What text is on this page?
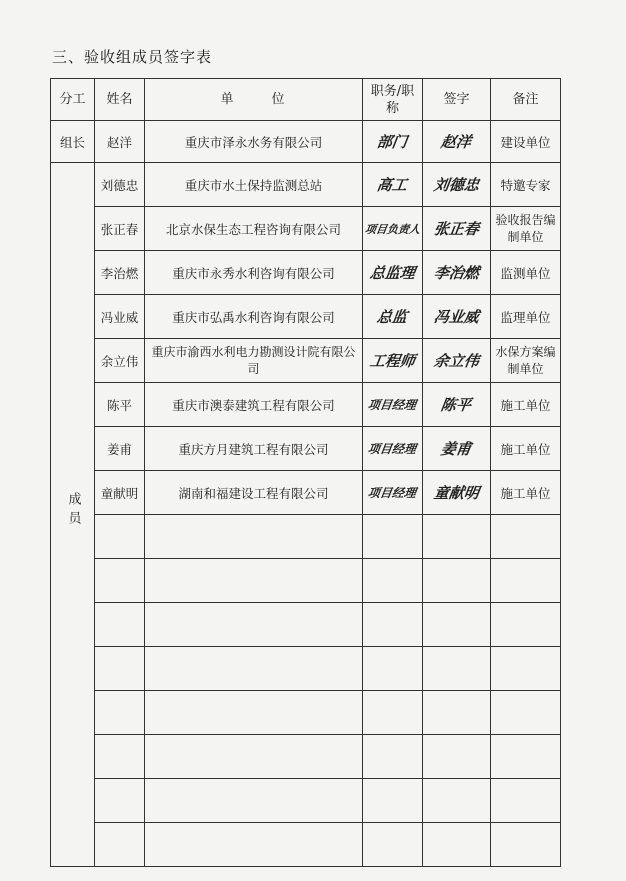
三、验收组成员签字表
分工	姓名	单位	职务/职称	签字	备注
组长	赵洋	重庆市泽永水务有限公司	部门	赵洋	建设单位
成员	刘德忠	重庆市水土保持监测总站	高工	刘德忠	特邀专家
	张正春	北京水保生态工程咨询有限公司	项目负责人	张正春	验收报告编制单位
	李治燃	重庆市永秀水利咨询有限公司	总监理	李治燃	监测单位
	冯业威	重庆市弘禹水利咨询有限公司	总监	冯业威	监理单位
	余立伟	重庆市渝西水利电力勘测设计院有限公司	工程师	余立伟	水保方案编制单位
	陈平	重庆市澳泰建筑工程有限公司	项目经理	陈平	施工单位
	姜甫	重庆方月建筑工程有限公司	项目经理	姜甫	施工单位
	童献明	湖南和福建设工程有限公司	项目经理	童献明	施工单位
